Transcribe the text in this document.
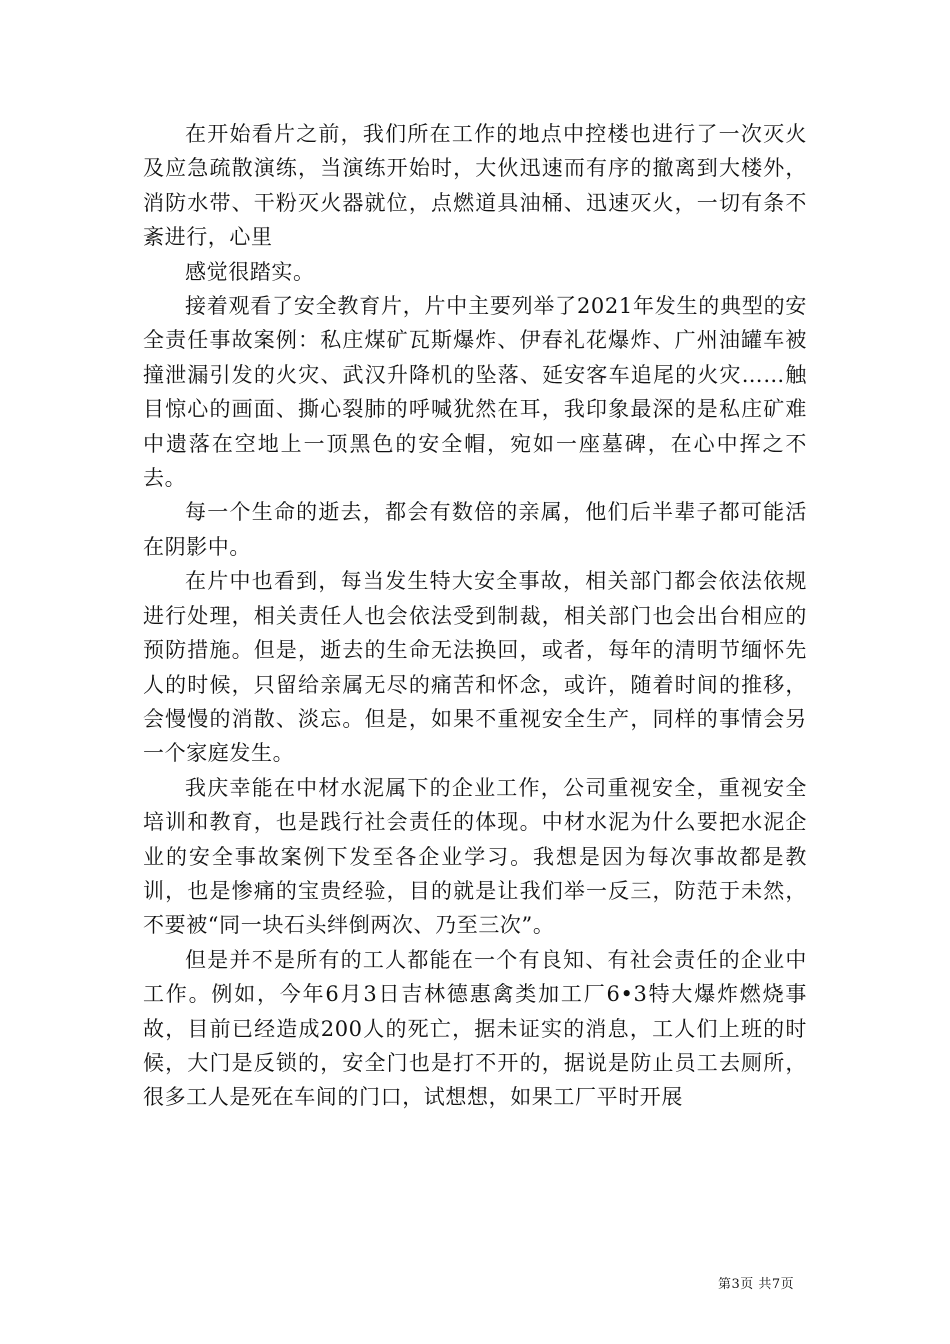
在开始看片之前，我们所在工作的地点中控楼也进行了一次灭火及应急疏散演练，当演练开始时，大伙迅速而有序的撤离到大楼外，消防水带、干粉灭火器就位，点燃道具油桶、迅速灭火，一切有条不紊进行，心里

感觉很踏实。

接着观看了安全教育片，片中主要列举了2021年发生的典型的安全责任事故案例：私庄煤矿瓦斯爆炸、伊春礼花爆炸、广州油罐车被撞泄漏引发的火灾、武汉升降机的坠落、延安客车追尾的火灾……触目惊心的画面、撕心裂肺的呼喊犹然在耳，我印象最深的是私庄矿难中遗落在空地上一顶黑色的安全帽，宛如一座墓碑，在心中挥之不去。

每一个生命的逝去，都会有数倍的亲属，他们后半辈子都可能活在阴影中。

在片中也看到，每当发生特大安全事故，相关部门都会依法依规进行处理，相关责任人也会依法受到制裁，相关部门也会出台相应的预防措施。但是，逝去的生命无法换回，或者，每年的清明节缅怀先人的时候，只留给亲属无尽的痛苦和怀念，或许，随着时间的推移，会慢慢的消散、淡忘。但是，如果不重视安全生产，同样的事情会另一个家庭发生。

我庆幸能在中材水泥属下的企业工作，公司重视安全，重视安全培训和教育，也是践行社会责任的体现。中材水泥为什么要把水泥企业的安全事故案例下发至各企业学习。我想是因为每次事故都是教训，也是惨痛的宝贵经验，目的就是让我们举一反三，防范于未然，不要被“同一块石头绊倒两次、乃至三次”。

但是并不是所有的工人都能在一个有良知、有社会责任的企业中工作。例如，今年6月3日吉林德惠禽类加工厂6•3特大爆炸燃烧事故，目前已经造成200人的死亡，据未证实的消息，工人们上班的时候，大门是反锁的，安全门也是打不开的，据说是防止员工去厕所，很多工人是死在车间的门口，试想想，如果工厂平时开展

第3页 共7页
